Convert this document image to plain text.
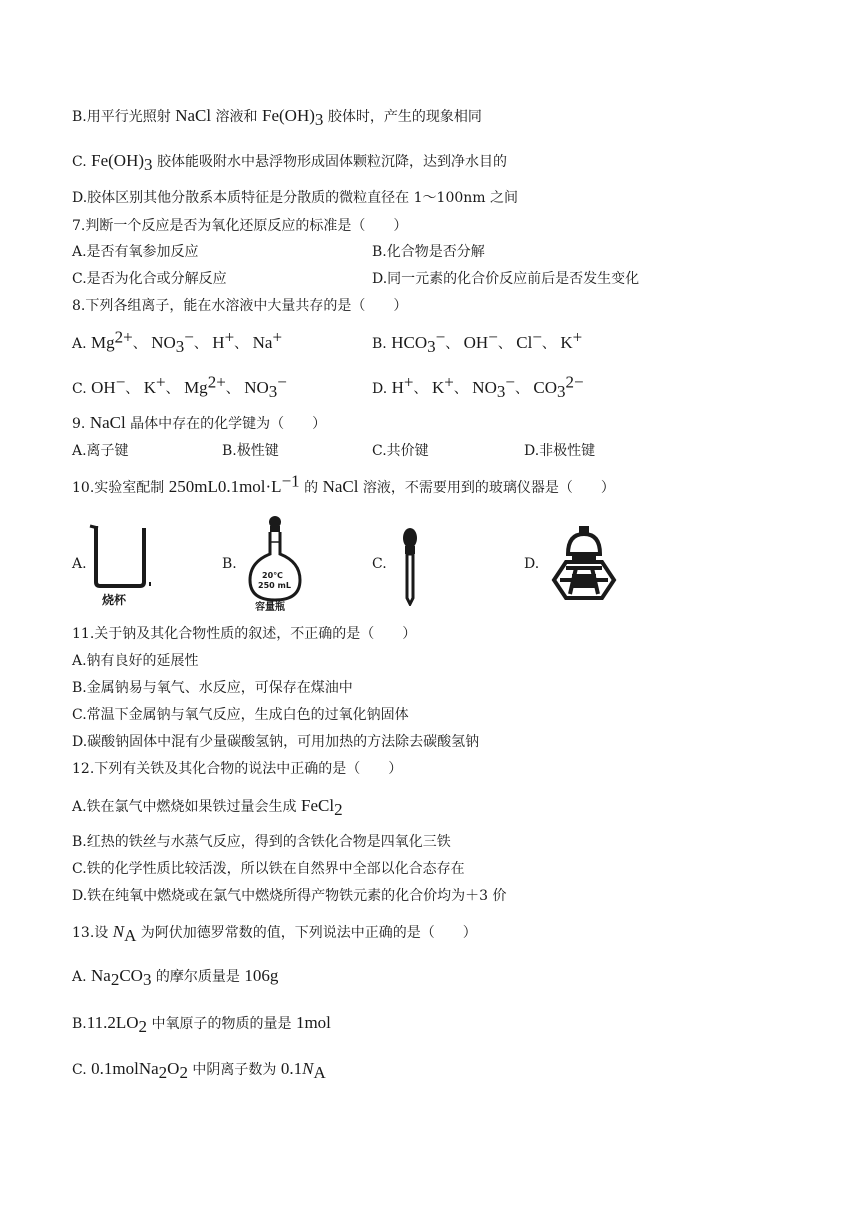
B.用平行光照射 NaCl 溶液和 $Fe(OH)_3$ 胶体时，产生的现象相同
C. $Fe(OH)_3$ 胶体能吸附水中悬浮物形成固体颗粒沉降，达到净水目的
D.胶体区别其他分散系本质特征是分散质的微粒直径在 1～100nm 之间
7.判断一个反应是否为氧化还原反应的标准是（　　）
A.是否有氧参加反应	B.化合物是否分解
C.是否为化合或分解反应	D.同一元素的化合价反应前后是否发生变化
8.下列各组离子，能在水溶液中大量共存的是（　　）
A. $Mg^{2+}$、 $NO_3^-$、 H+、 Na+	B. $HCO_3^-$、 OH−、 Cl−、 K+
C. OH−、 K+、 $Mg^{2+}$、 $NO_3^-$	D. H+、 K+、 $NO_3^-$、 $CO_3^{2-}$
9. NaCl 晶体中存在的化学键为（　　）
A.离子键	B.极性键	C.共价键	D.非极性键
10.实验室配制 $250mL0.1mol\cdot L^{-1}$ 的 NaCl 溶液，不需要用到的玻璃仪器是（　　）
A.
烧杯
B.
20℃
250 mL
容量瓶
C.	D.
11.关于钠及其化合物性质的叙述，不正确的是（　　）
A.钠有良好的延展性
B.金属钠易与氧气、水反应，可保存在煤油中
C.常温下金属钠与氧气反应，生成白色的过氧化钠固体
D.碳酸钠固体中混有少量碳酸氢钠，可用加热的方法除去碳酸氢钠
12.下列有关铁及其化合物的说法中正确的是（　　）
A.铁在氯气中燃烧如果铁过量会生成 FeCl$_2$
B.红热的铁丝与水蒸气反应，得到的含铁化合物是四氧化三铁
C.铁的化学性质比较活泼，所以铁在自然界中全部以化合态存在
D.铁在纯氧中燃烧或在氯气中燃烧所得产物铁元素的化合价均为＋3 价
13.设 $N_A$ 为阿伏加德罗常数的值，下列说法中正确的是（　　）
A. $Na_2CO_3$ 的摩尔质量是 106g
$B.11.2LO_2$ 中氧原子的物质的量是 1mol
C. $0.1molNa_2O_2$ 中阴离子数为 $0.1N_A$
